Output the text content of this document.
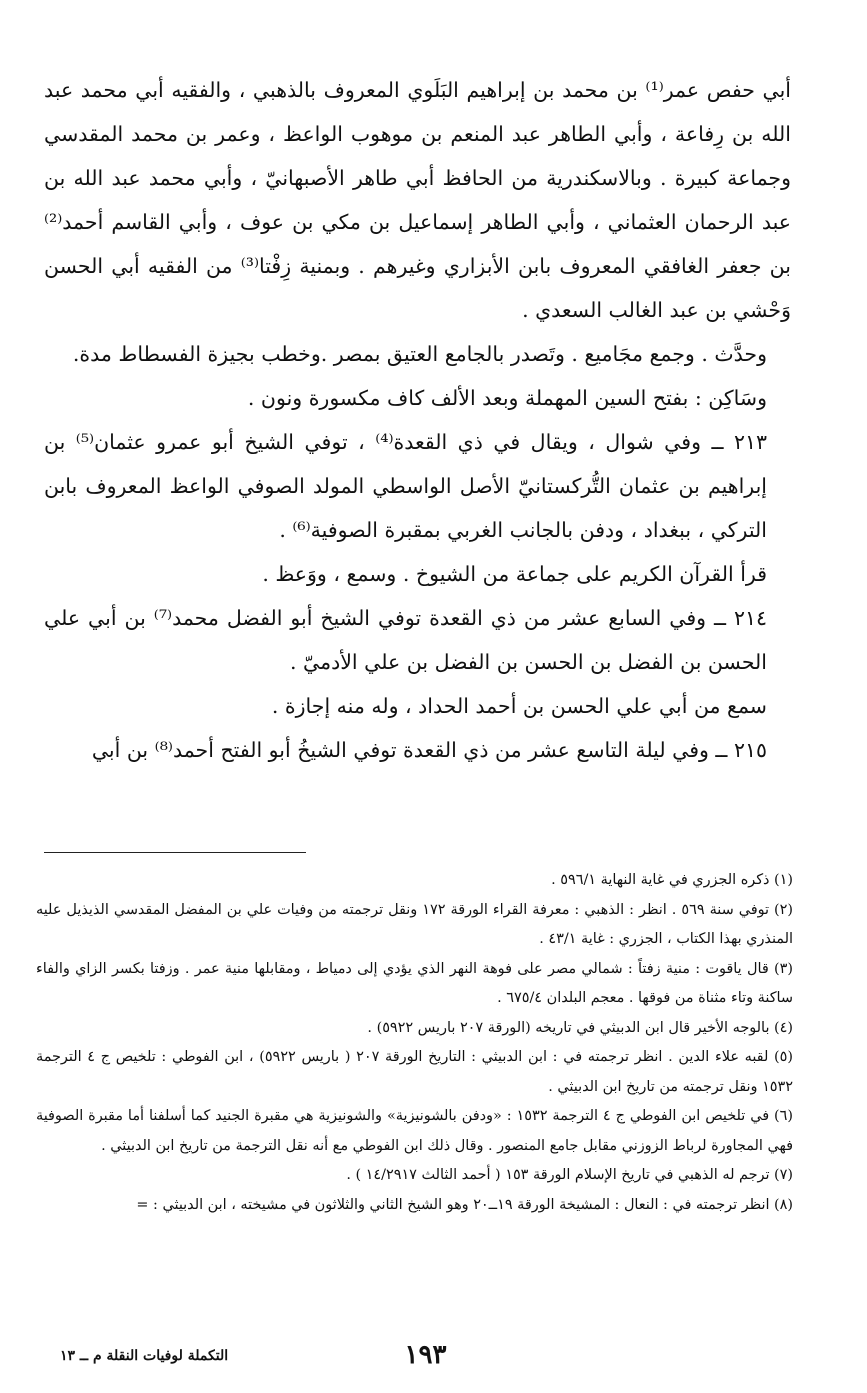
أبي حفص عمر⁽¹⁾ بن محمد بن إبراهيم البَلَوي المعروف بالذهبي ، والفقيه أبي محمد عبد الله بن رِفاعة ، وأبي الطاهر عبد المنعم بن موهوب الواعظ ، وعمر بن محمد المقدسي وجماعة كبيرة . وبالاسكندرية من الحافظ أبي طاهر الأصبهانيّ ، وأبي محمد عبد الله بن عبد الرحمان العثماني ، وأبي الطاهر إسماعيل بن مكي بن عوف ، وأبي القاسم أحمد⁽²⁾ بن جعفر الغافقي المعروف بابن الأبزاري وغيرهم . وبمنية زِفْتا⁽³⁾ من الفقيه أبي الحسن وَحْشي بن عبد الغالب السعدي .

وحدَّث . وجمع مجَاميع . وتَصدر بالجامع العتيق بمصر .وخطب بجيزة الفسطاط مدة.

وسَاكِن : بفتح السين المهملة وبعد الألف كاف مكسورة ونون .

٢١٣ ــ وفي شوال ، ويقال في ذي القعدة⁽⁴⁾ ، توفي الشيخ أبو عمرو عثمان⁽⁵⁾ بن إبراهيم بن عثمان التُّركستانيّ الأصل الواسطي المولد الصوفي الواعظ المعروف بابن التركي ، ببغداد ، ودفن بالجانب الغربي بمقبرة الصوفية⁽⁶⁾ .

قرأ القرآن الكريم على جماعة من الشيوخ . وسمع ، ووَعظ .

٢١٤ ــ وفي السابع عشر من ذي القعدة توفي الشيخ أبو الفضل محمد⁽⁷⁾ بن أبي علي الحسن بن الفضل بن الحسن بن الفضل بن علي الأدميّ .

سمع من أبي علي الحسن بن أحمد الحداد ، وله منه إجازة .

٢١٥ ــ وفي ليلة التاسع عشر من ذي القعدة توفي الشيخُ أبو الفتح أحمد⁽⁸⁾ بن أبي

(١) ذكره الجزري في غاية النهاية ٥٩٦/١ .
(٢) توفي سنة ٥٦٩ . انظر : الذهبي : معرفة القراء الورقة ١٧٢ ونقل ترجمته من وفيات علي بن المفضل المقدسي الذيذيل عليه المنذري بهذا الكتاب ، الجزري : غاية ٤٣/١ .
(٣) قال ياقوت : منية زفتاً : شمالي مصر على فوهة النهر الذي يؤدي إلى دمياط ، ومقابلها منية عمر . وزفتا بكسر الزاي والفاء ساكنة وتاء مثناة من فوقها . معجم البلدان ٦٧٥/٤ .
(٤) بالوجه الأخير قال ابن الدبيثي في تاريخه (الورقة ٢٠٧ باريس ٥٩٢٢) .
(٥) لقبه علاء الدين . انظر ترجمته في : ابن الدبيثي : التاريخ الورقة ٢٠٧ ( باريس ٥٩٢٢) ، ابن الفوطي : تلخيص ج ٤ الترجمة ١٥٣٢ ونقل ترجمته من تاريخ ابن الدبيثي .
(٦) في تلخيص ابن الفوطي ج ٤ الترجمة ١٥٣٢ : «ودفن بالشونيزية» والشونيزية هي مقبرة الجنيد كما أسلفنا أما مقبرة الصوفية فهي المجاورة لرباط الزوزني مقابل جامع المنصور . وقال ذلك ابن الفوطي مع أنه نقل الترجمة من تاريخ ابن الدبيثي .
(٧) ترجم له الذهبي في تاريخ الإسلام الورقة ١٥٣ ( أحمد الثالث ١٤/٢٩١٧ ) .
(٨) انظر ترجمته في : النعال : المشيخة الورقة ١٩ــ٢٠ وهو الشيخ الثاني والثلاثون في مشيخته ، ابن الدبيثي : =
١٩٣
التكملة لوفيات النقلة م ــ ١٣
